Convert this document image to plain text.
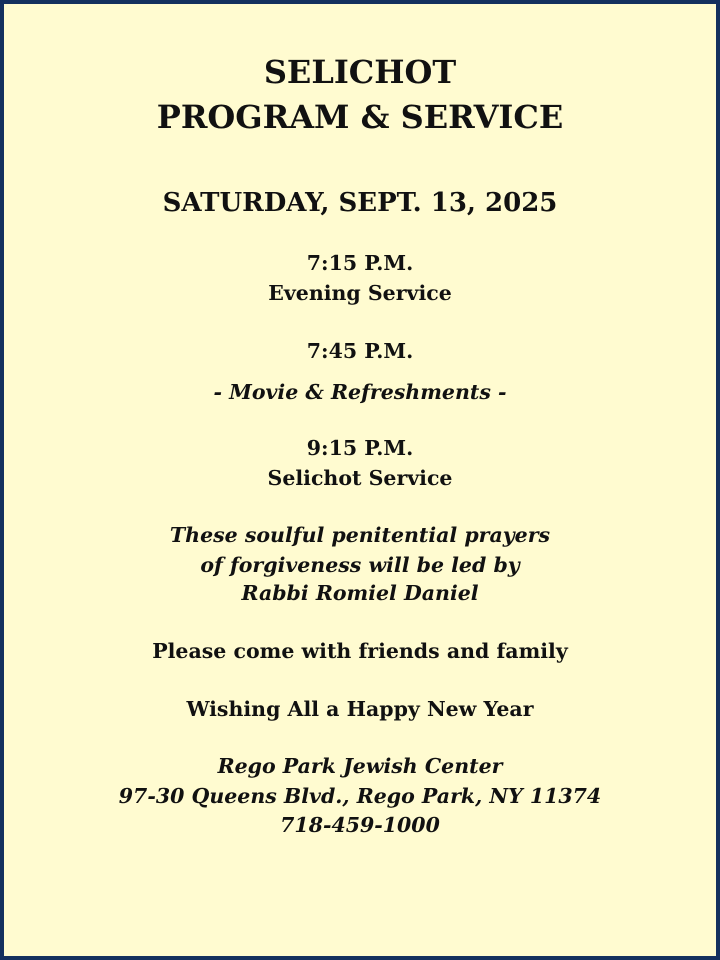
SELICHOT
PROGRAM & SERVICE
SATURDAY, SEPT. 13, 2025
7:15 P.M.
Evening Service
7:45 P.M.
- Movie & Refreshments -
9:15 P.M.
Selichot Service
These soulful penitential prayers
of forgiveness will be led by
Rabbi Romiel Daniel
Please come with friends and family
Wishing All a Happy New Year
Rego Park Jewish Center
97-30 Queens Blvd., Rego Park, NY 11374
718-459-1000
